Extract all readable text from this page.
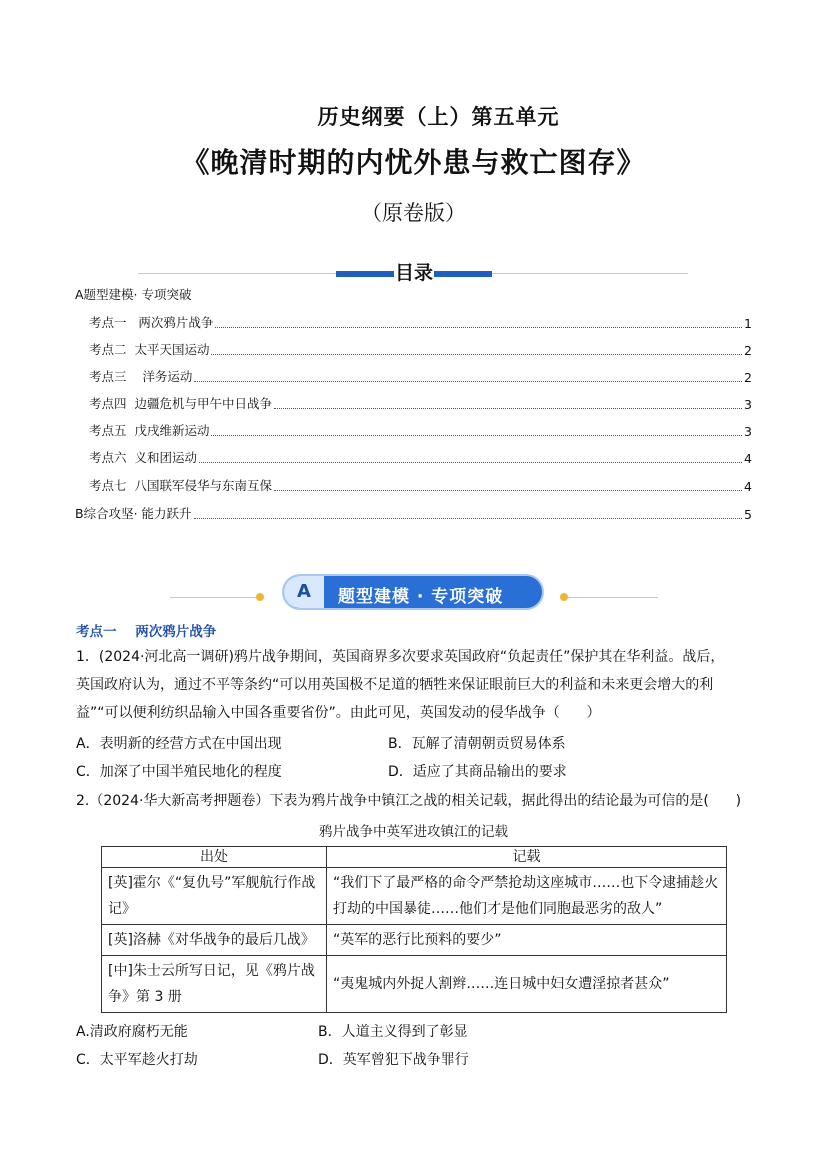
历史纲要（上）第五单元
《晚清时期的内忧外患与救亡图存》
（原卷版）
目录
A题型建模· 专项突破
考点一   两次鸦片战争	1
考点二  太平天国运动	2
考点三    洋务运动	2
考点四  边疆危机与甲午中日战争	3
考点五  戊戌维新运动	3
考点六  义和团运动	4
考点七  八国联军侵华与东南互保	4
B综合攻坚· 能力跃升	5
A	题型建模 · 专项突破
考点一    两次鸦片战争
1．(2024·河北高一调研)鸦片战争期间，英国商界多次要求英国政府“负起责任”保护其在华利益。战后，
英国政府认为，通过不平等条约“可以用英国极不足道的牺牲来保证眼前巨大的利益和未来更会增大的利
益”“可以便利纺织品输入中国各重要省份”。由此可见，英国发动的侵华战争（      ）
A．表明新的经营方式在中国出现	B．瓦解了清朝朝贡贸易体系
C．加深了中国半殖民地化的程度	D．适应了其商品输出的要求
2.（2024·华大新高考押题卷）下表为鸦片战争中镇江之战的相关记载，据此得出的结论最为可信的是(      )
鸦片战争中英军进攻镇江的记载
出处	记载
[英]霍尔《“复仇号”军舰航行作战记》	“我们下了最严格的命令严禁抢劫这座城市……也下令逮捕趁火打劫的中国暴徒……他们才是他们同胞最恶劣的敌人”
[英]洛赫《对华战争的最后几战》	“英军的恶行比预料的要少”
[中]朱士云所写日记，见《鸦片战争》第 3 册	“夷鬼城内外捉人割辫……连日城中妇女遭淫掠者甚众”
A.清政府腐朽无能	B．人道主义得到了彰显
C．太平军趁火打劫	D．英军曾犯下战争罪行
